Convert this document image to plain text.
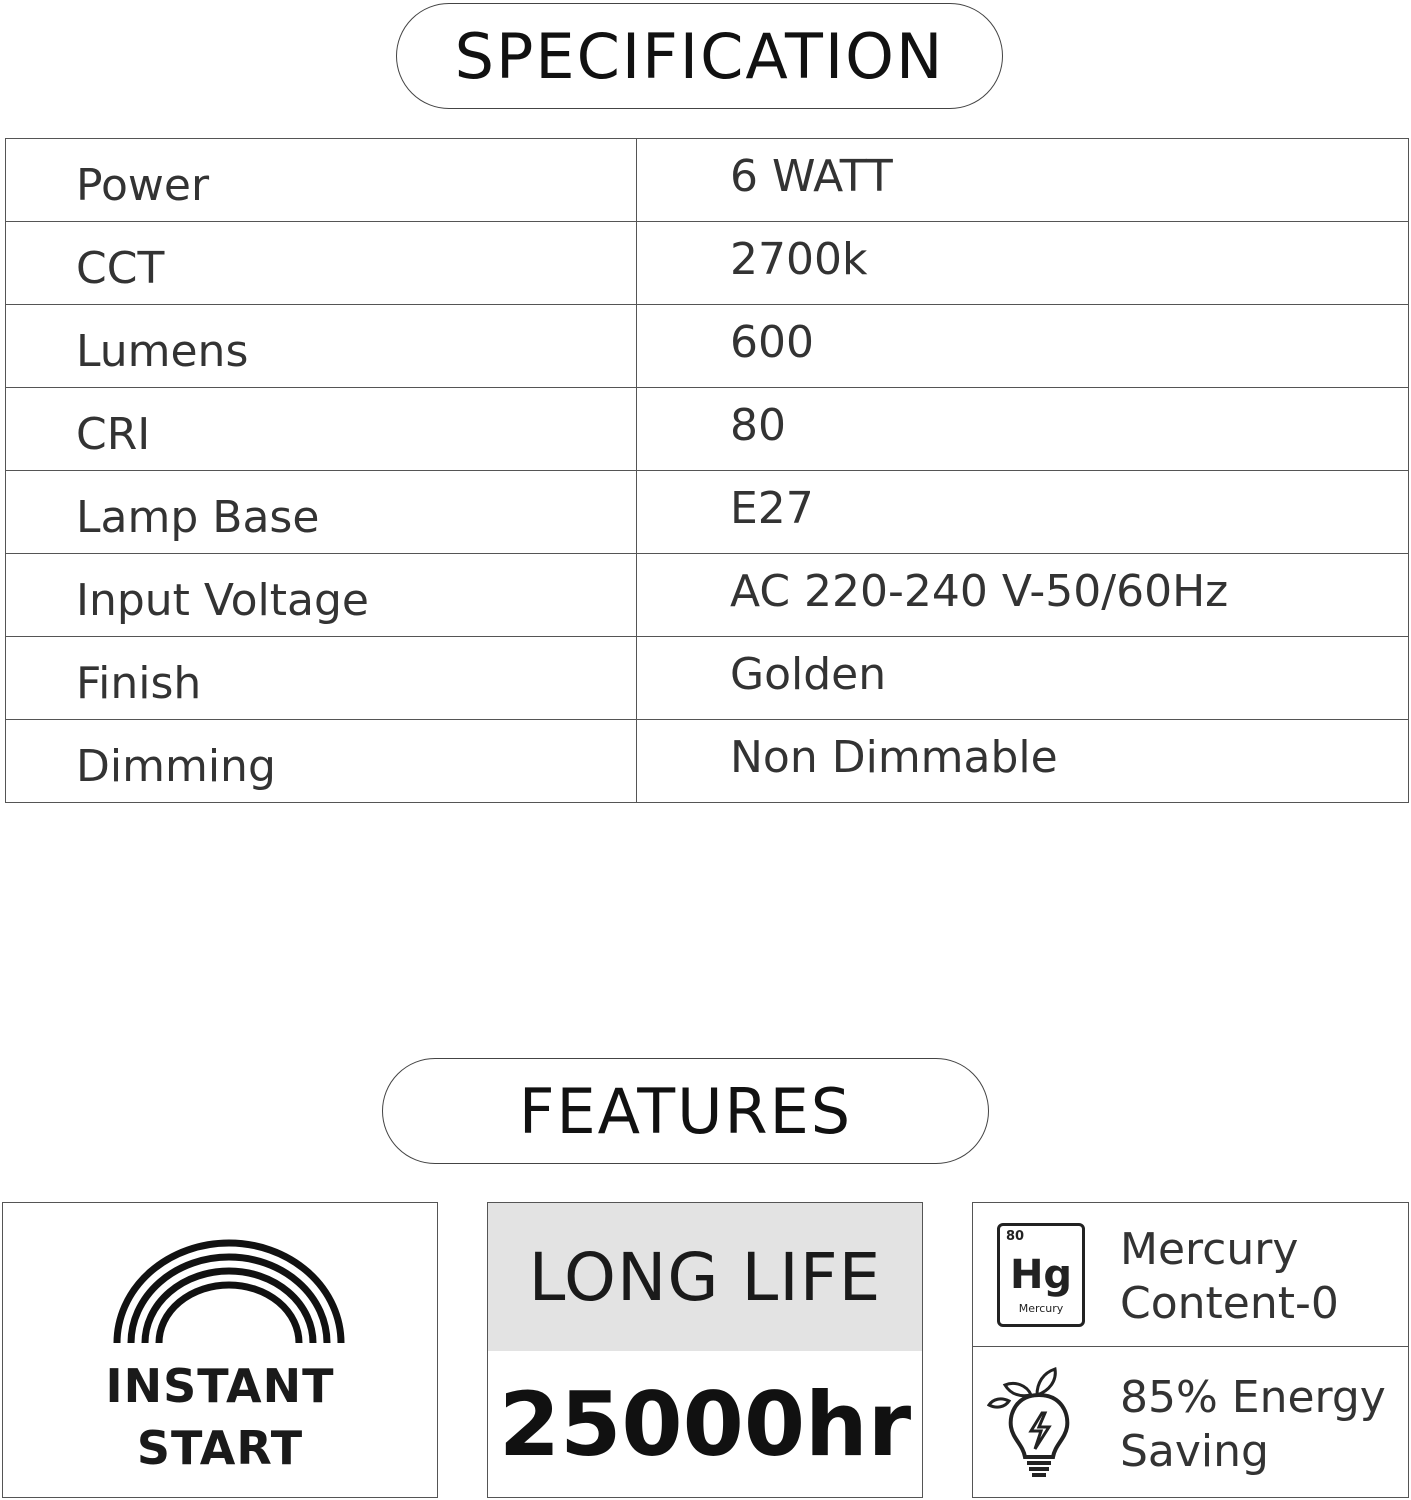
SPECIFICATION
Power	6 WATT
CCT	2700k
Lumens	600
CRI	80
Lamp Base	E27
Input Voltage	AC 220-240 V-50/60Hz
Finish	Golden
Dimming	Non Dimmable
FEATURES
INSTANT
START
LONG LIFE
25000hr
80
Hg
Mercury
Mercury
Content-0
85% Energy
Saving
